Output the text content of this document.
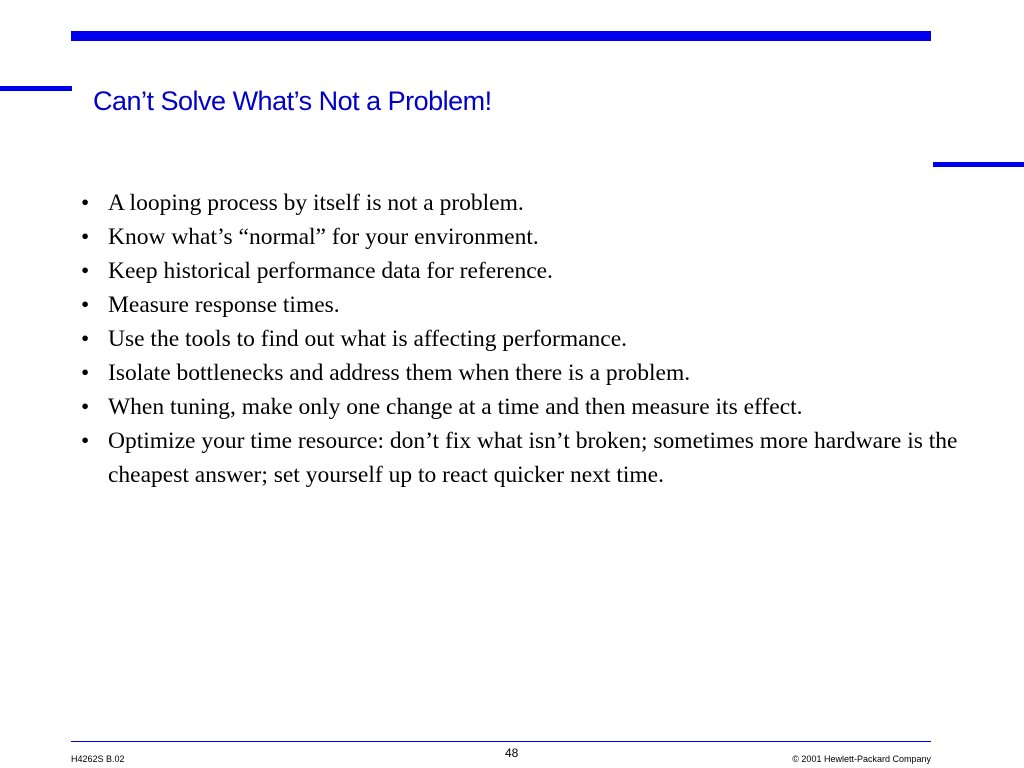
Can’t Solve What’s Not a Problem!
• A looping process by itself is not a problem.
• Know what’s “normal” for your environment.
• Keep historical performance data for reference.
• Measure response times.
• Use the tools to find out what is affecting performance.
• Isolate bottlenecks and address them when there is a problem.
• When tuning, make only one change at a time and then measure its effect.
• Optimize your time resource: don’t fix what isn’t broken; sometimes more hardware is the cheapest answer; set yourself up to react quicker next time.
H4262S B.02	48	© 2001 Hewlett-Packard Company
